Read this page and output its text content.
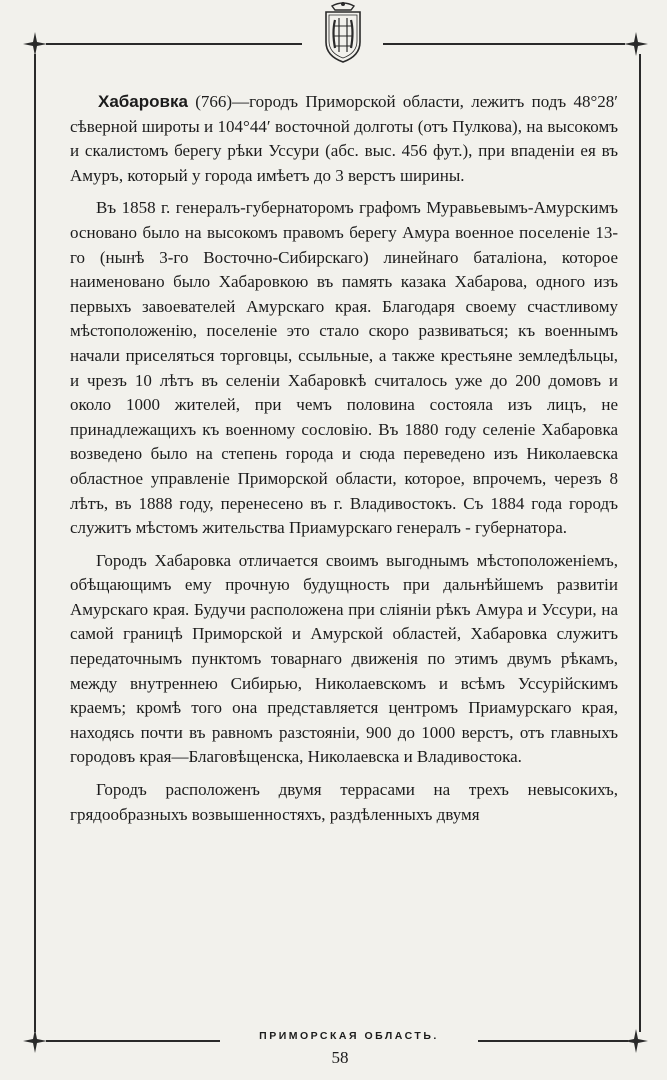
Хабаровка (766)—городъ Приморской области, лежитъ подъ 48°28′ сѣверной широты и 104°44′ восточной долготы (отъ Пулкова), на высокомъ и скалистомъ берегу рѣки Уссури (абс. выс. 456 фут.), при впаденіи ея въ Амуръ, который у города имѣетъ до 3 верстъ ширины.

Въ 1858 г. генералъ-губернаторомъ графомъ Муравьевымъ-Амурскимъ основано было на высокомъ правомъ берегу Амура военное поселеніе 13-го (нынѣ 3-го Восточно-Сибирскаго) линейнаго баталіона, которое наименовано было Хабаровкою въ память казака Хабарова, одного изъ первыхъ завоевателей Амурскаго края. Благодаря своему счастливому мѣстоположенію, поселеніе это стало скоро развиваться; къ военнымъ начали приселяться торговцы, ссыльные, а также крестьяне земледѣльцы, и чрезъ 10 лѣтъ въ селеніи Хабаровкѣ считалось уже до 200 домовъ и около 1000 жителей, при чемъ половина состояла изъ лицъ, не принадлежащихъ къ военному сословію. Въ 1880 году селеніе Хабаровка возведено было на степень города и сюда переведено изъ Николаевска областное управленіе Приморской области, которое, впрочемъ, черезъ 8 лѣтъ, въ 1888 году, перенесено въ г. Владивостокъ. Съ 1884 года городъ служитъ мѣстомъ жительства Приамурскаго генералъ - губернатора.

Городъ Хабаровка отличается своимъ выгоднымъ мѣстоположеніемъ, обѣщающимъ ему прочную будущность при дальнѣйшемъ развитіи Амурскаго края. Будучи расположена при сліяніи рѣкъ Амура и Уссури, на самой границѣ Приморской и Амурской областей, Хабаровка служитъ передаточнымъ пунктомъ товарнаго движенія по этимъ двумъ рѣкамъ, между внутреннею Сибирью, Николаевскомъ и всѣмъ Уссурійскимъ краемъ; кромѣ того она представляется центромъ Приамурскаго края, находясь почти въ равномъ разстояніи, 900 до 1000 верстъ, отъ главныхъ городовъ края—Благовѣщенска, Николаевска и Владивостока.

Городъ расположенъ двумя террасами на трехъ невысокихъ, грядообразныхъ возвышенностяхъ, раздѣленныхъ двумя

ПРИМОРСКАЯ ОБЛАСТЬ.
58
